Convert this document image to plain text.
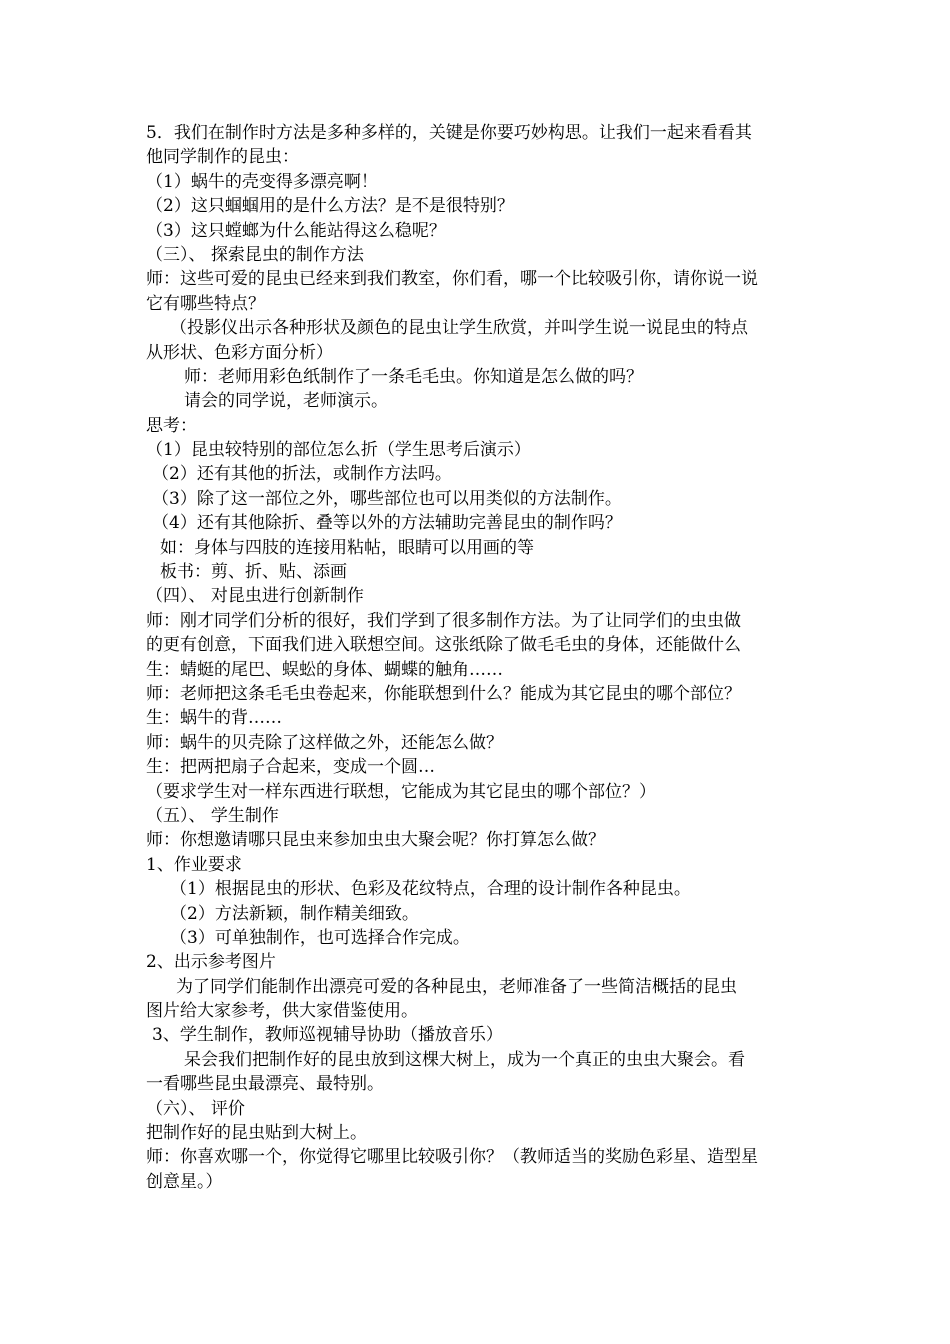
5．我们在制作时方法是多种多样的，关键是你要巧妙构思。让我们一起来看看其
他同学制作的昆虫：
（1）蜗牛的壳变得多漂亮啊！
（2）这只蝈蝈用的是什么方法？是不是很特别？
（3）这只螳螂为什么能站得这么稳呢？
（三）、 探索昆虫的制作方法
师：这些可爱的昆虫已经来到我们教室，你们看，哪一个比较吸引你，请你说一说
它有哪些特点？
（投影仪出示各种形状及颜色的昆虫让学生欣赏，并叫学生说一说昆虫的特点
从形状、色彩方面分析）
师：老师用彩色纸制作了一条毛毛虫。你知道是怎么做的吗？
请会的同学说，老师演示。
思考：
（1）昆虫较特别的部位怎么折（学生思考后演示）
（2）还有其他的折法，或制作方法吗。
（3）除了这一部位之外，哪些部位也可以用类似的方法制作。
（4）还有其他除折、叠等以外的方法辅助完善昆虫的制作吗？
如：身体与四肢的连接用粘帖，眼睛可以用画的等
板书：剪、折、贴、添画
（四）、 对昆虫进行创新制作
师：刚才同学们分析的很好，我们学到了很多制作方法。为了让同学们的虫虫做
的更有创意，下面我们进入联想空间。这张纸除了做毛毛虫的身体，还能做什么
生：蜻蜓的尾巴、蜈蚣的身体、蝴蝶的触角……
师：老师把这条毛毛虫卷起来，你能联想到什么？能成为其它昆虫的哪个部位？
生：蜗牛的背……
师：蜗牛的贝壳除了这样做之外，还能怎么做？
生：把两把扇子合起来，变成一个圆…
（要求学生对一样东西进行联想，它能成为其它昆虫的哪个部位？）
（五）、 学生制作
师：你想邀请哪只昆虫来参加虫虫大聚会呢？你打算怎么做？
1、作业要求
（1）根据昆虫的形状、色彩及花纹特点，合理的设计制作各种昆虫。
（2）方法新颖，制作精美细致。
（3）可单独制作，也可选择合作完成。
2、出示参考图片
为了同学们能制作出漂亮可爱的各种昆虫，老师准备了一些简洁概括的昆虫
图片给大家参考，供大家借鉴使用。
3、学生制作，教师巡视辅导协助（播放音乐）
呆会我们把制作好的昆虫放到这棵大树上，成为一个真正的虫虫大聚会。看
一看哪些昆虫最漂亮、最特别。
（六）、 评价
把制作好的昆虫贴到大树上。
师：你喜欢哪一个，你觉得它哪里比较吸引你？（教师适当的奖励色彩星、造型星
创意星。）
